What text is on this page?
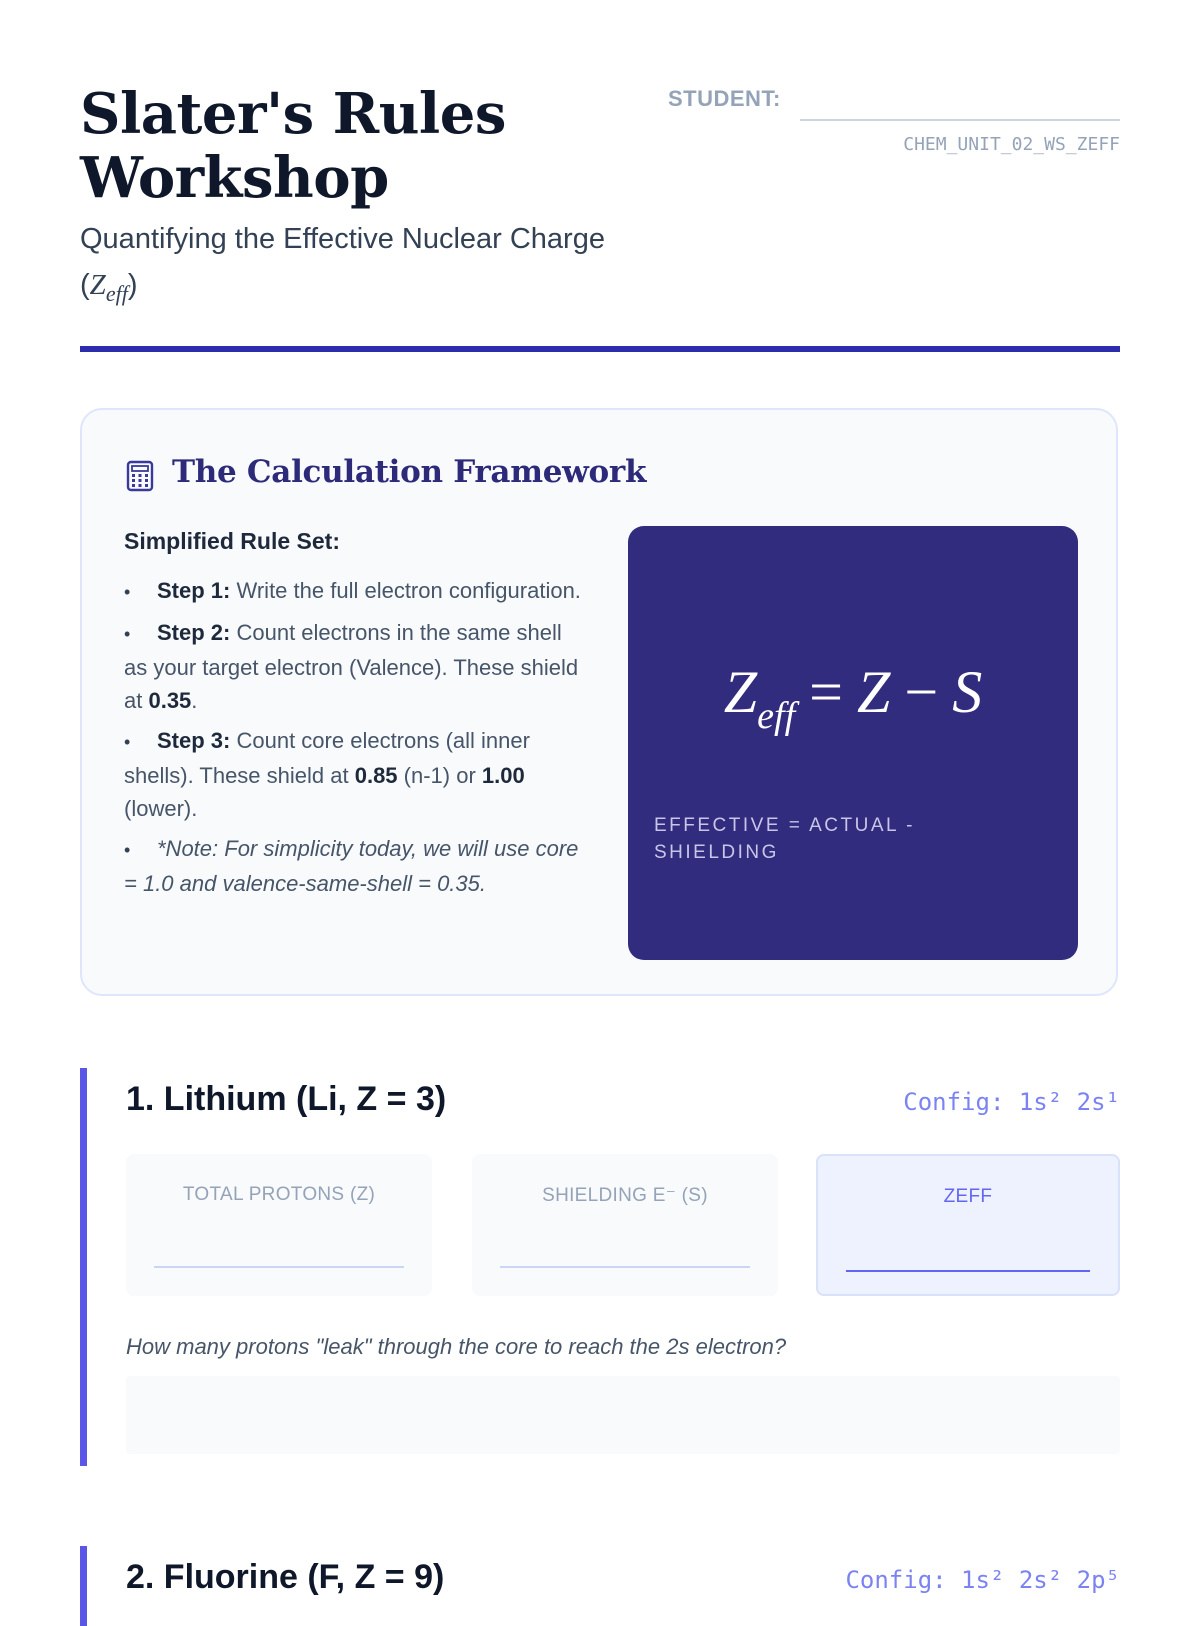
Slater's Rules Workshop
Quantifying the Effective Nuclear Charge
$(Z_{eff})$
STUDENT:
CHEM_UNIT_02_WS_ZEFF
The Calculation Framework
Simplified Rule Set:
• Step 1: Write the full electron configuration.
• Step 2: Count electrons in the same shell as your target electron (Valence). These shield at 0.35.
• Step 3: Count core electrons (all inner shells). These shield at 0.85 (n-1) or 1.00 (lower).
• *Note: For simplicity today, we will use core = 1.0 and valence-same-shell = 0.35.
$Z_{eff} = Z - S$
EFFECTIVE = ACTUAL - SHIELDING
1. Lithium (Li, Z = 3)	Config: 1s² 2s¹
TOTAL PROTONS (Z)	SHIELDING E⁻ (S)	ZEFF
How many protons "leak" through the core to reach the 2s electron?
2. Fluorine (F, Z = 9)	Config: 1s² 2s² 2p⁵
